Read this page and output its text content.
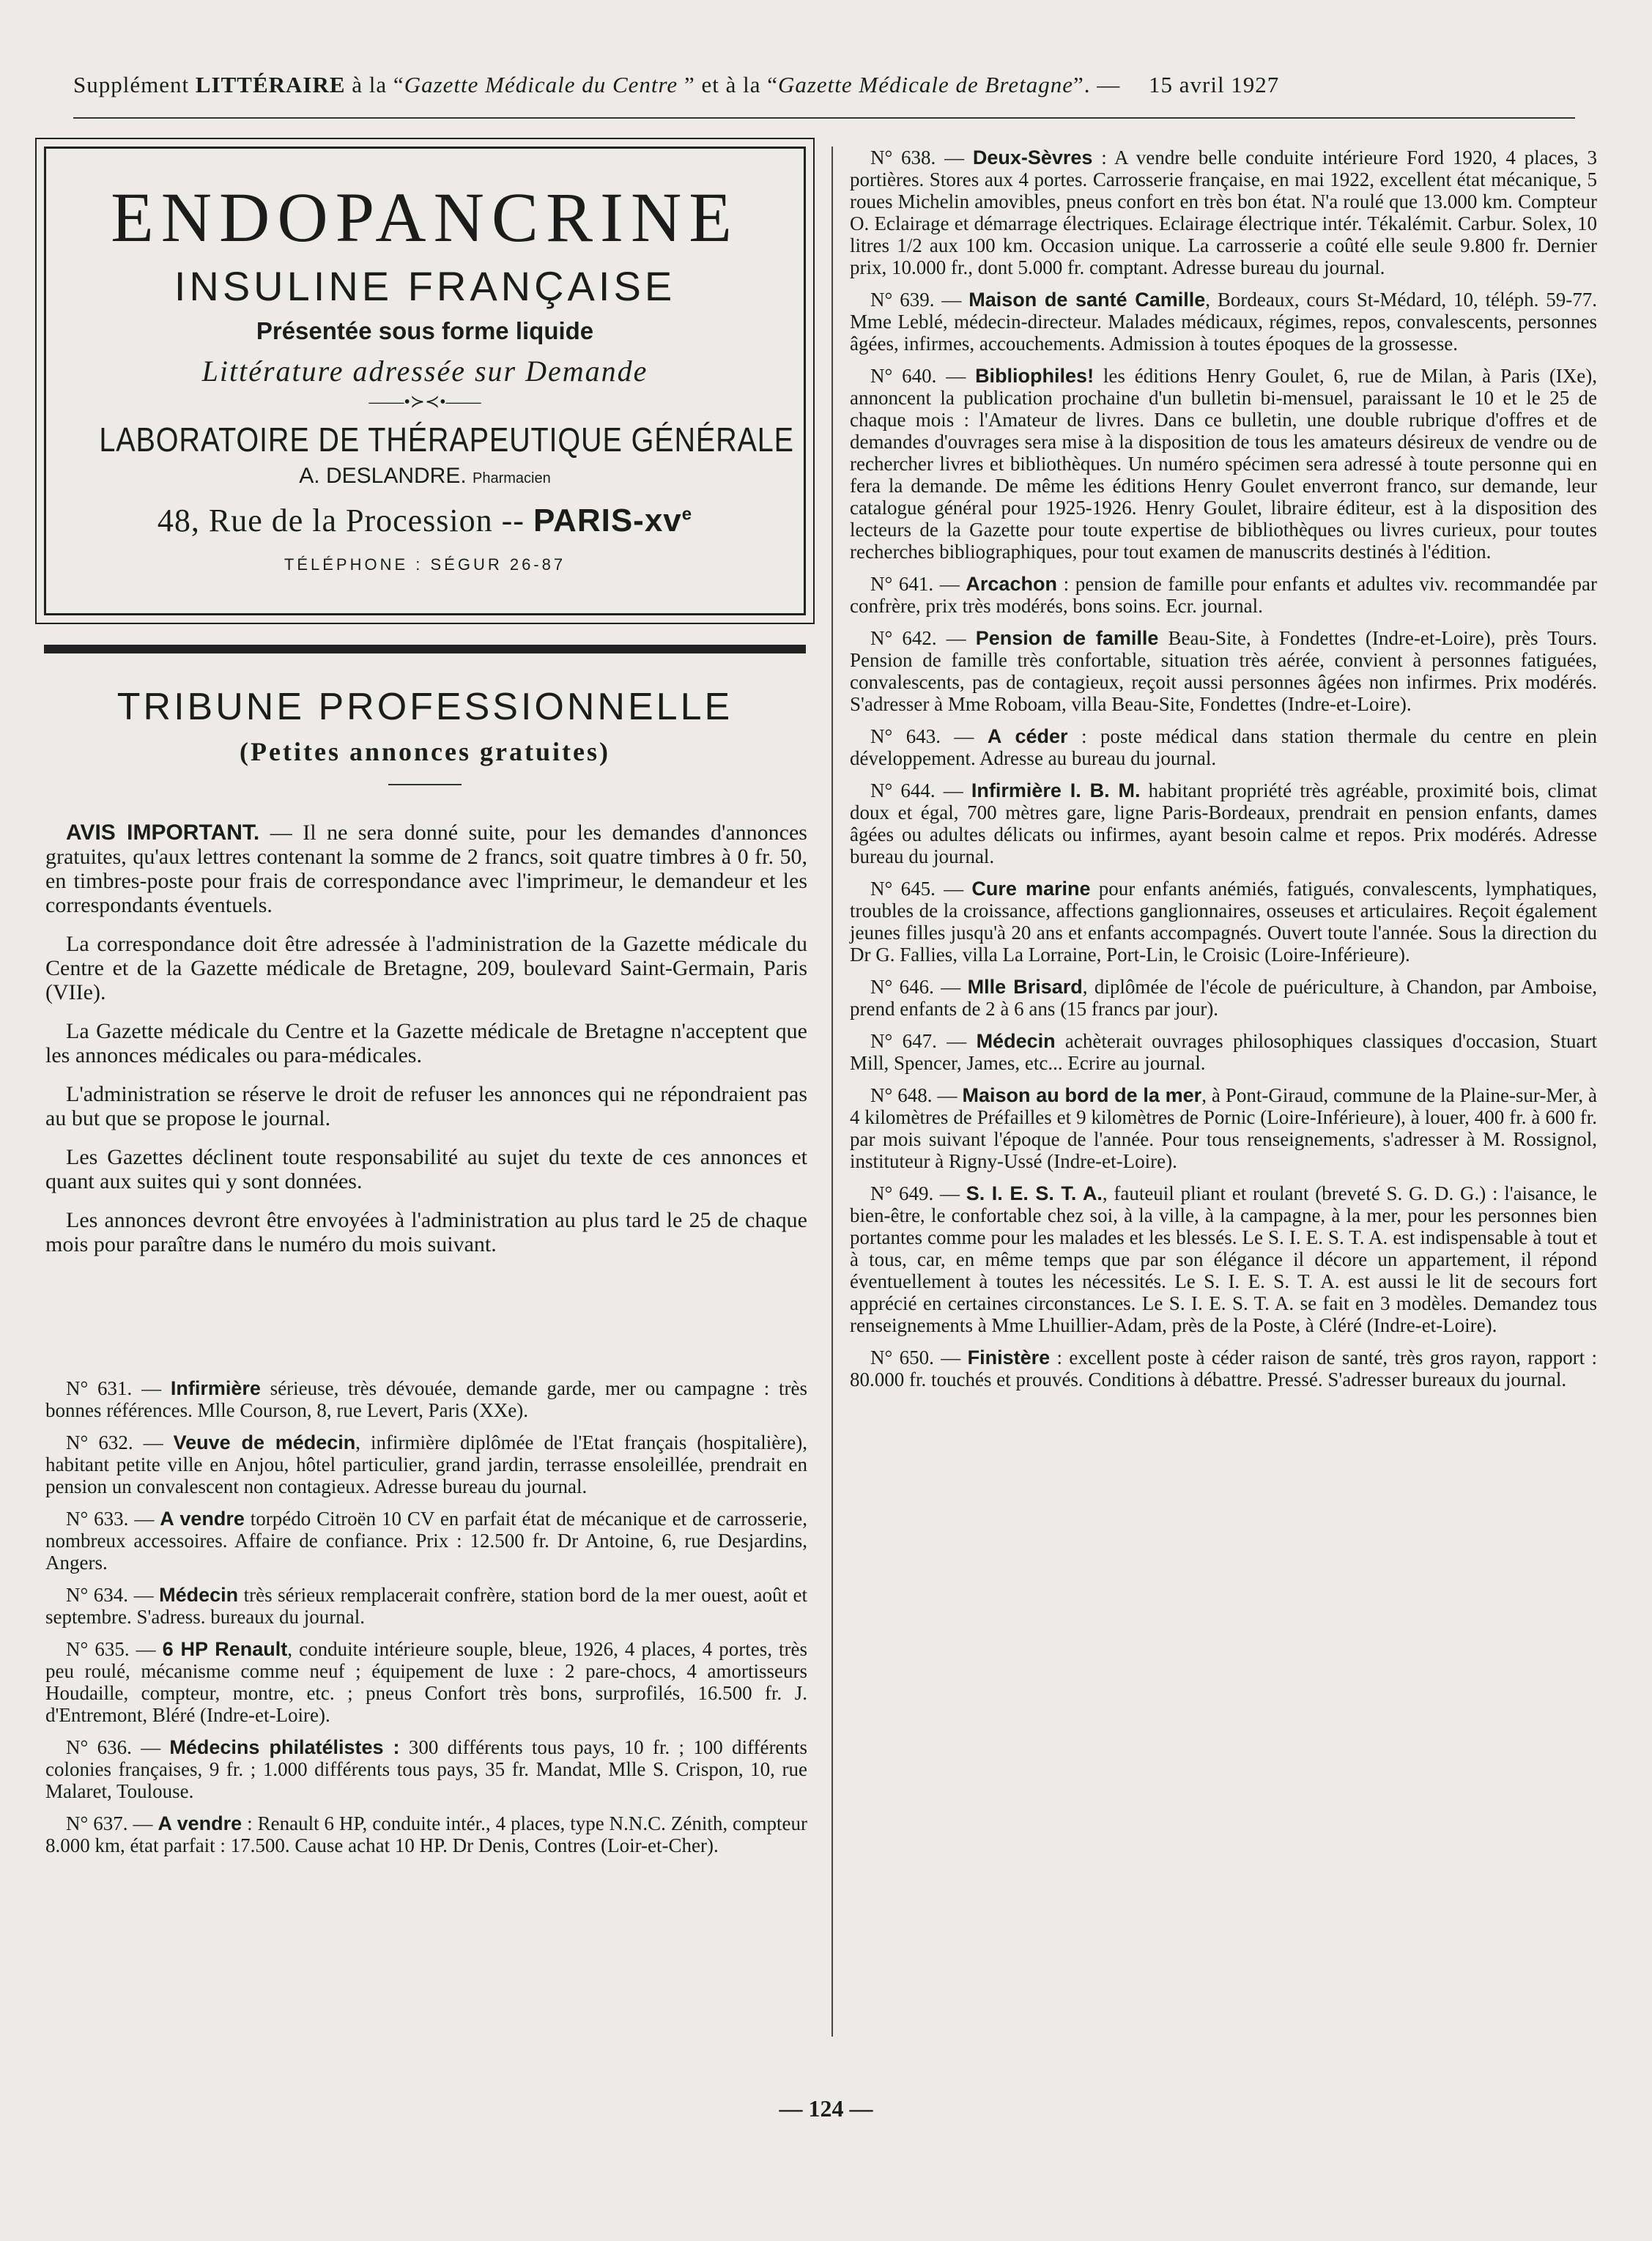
Supplément LITTÉRAIRE à la “Gazette Médicale du Centre ” et à la “Gazette Médicale de Bretagne”. — 15 avril 1927
ENDOPANCRINE
INSULINE FRANÇAISE
Présentée sous forme liquide
Littérature adressée sur Demande
——•≻≺•——
LABORATOIRE DE THÉRAPEUTIQUE GÉNÉRALE
A. DESLANDRE. Pharmacien
48, Rue de la Procession -- PARIS-$xv^e$
TÉLÉPHONE : SÉGUR 26-87
TRIBUNE PROFESSIONNELLE
(Petites annonces gratuites)

AVIS IMPORTANT. — Il ne sera donné suite, pour les demandes d'annonces gratuites, qu'aux lettres contenant la somme de 2 francs, soit quatre timbres à 0 fr. 50, en timbres-poste pour frais de correspondance avec l'imprimeur, le demandeur et les correspondants éventuels.

La correspondance doit être adressée à l'administration de la Gazette médicale du Centre et de la Gazette médicale de Bretagne, 209, boulevard Saint-Germain, Paris (VIIe).

La Gazette médicale du Centre et la Gazette médicale de Bretagne n'acceptent que les annonces médicales ou para-médicales.

L'administration se réserve le droit de refuser les annonces qui ne répondraient pas au but que se propose le journal.

Les Gazettes déclinent toute responsabilité au sujet du texte de ces annonces et quant aux suites qui y sont données.

Les annonces devront être envoyées à l'administration au plus tard le 25 de chaque mois pour paraître dans le numéro du mois suivant.

N° 631. — Infirmière sérieuse, très dévouée, demande garde, mer ou campagne : très bonnes références. Mlle Courson, 8, rue Levert, Paris (XXe).

N° 632. — Veuve de médecin, infirmière diplômée de l'Etat français (hospitalière), habitant petite ville en Anjou, hôtel particulier, grand jardin, terrasse ensoleillée, prendrait en pension un convalescent non contagieux. Adresse bureau du journal.

N° 633. — A vendre torpédo Citroën 10 CV en parfait état de mécanique et de carrosserie, nombreux accessoires. Affaire de confiance. Prix : 12.500 fr. Dr Antoine, 6, rue Desjardins, Angers.

N° 634. — Médecin très sérieux remplacerait confrère, station bord de la mer ouest, août et septembre. S'adress. bureaux du journal.

N° 635. — 6 HP Renault, conduite intérieure souple, bleue, 1926, 4 places, 4 portes, très peu roulé, mécanisme comme neuf ; équipement de luxe : 2 pare-chocs, 4 amortisseurs Houdaille, compteur, montre, etc. ; pneus Confort très bons, surprofilés, 16.500 fr. J. d'Entremont, Bléré (Indre-et-Loire).

N° 636. — Médecins philatélistes : 300 différents tous pays, 10 fr. ; 100 différents colonies françaises, 9 fr. ; 1.000 différents tous pays, 35 fr. Mandat, Mlle S. Crispon, 10, rue Malaret, Toulouse.

N° 637. — A vendre : Renault 6 HP, conduite intér., 4 places, type N.N.C. Zénith, compteur 8.000 km, état parfait : 17.500. Cause achat 10 HP. Dr Denis, Contres (Loir-et-Cher).

N° 638. — Deux-Sèvres : A vendre belle conduite intérieure Ford 1920, 4 places, 3 portières. Stores aux 4 portes. Carrosserie française, en mai 1922, excellent état mécanique, 5 roues Michelin amovibles, pneus confort en très bon état. N'a roulé que 13.000 km. Compteur O. Eclairage et démarrage électriques. Eclairage électrique intér. Tékalémit. Carbur. Solex, 10 litres 1/2 aux 100 km. Occasion unique. La carrosserie a coûté elle seule 9.800 fr. Dernier prix, 10.000 fr., dont 5.000 fr. comptant. Adresse bureau du journal.

N° 639. — Maison de santé Camille, Bordeaux, cours St-Médard, 10, téléph. 59-77. Mme Leblé, médecin-directeur. Malades médicaux, régimes, repos, convalescents, personnes âgées, infirmes, accouchements. Admission à toutes époques de la grossesse.

N° 640. — Bibliophiles! les éditions Henry Goulet, 6, rue de Milan, à Paris (IXe), annoncent la publication prochaine d'un bulletin bi-mensuel, paraissant le 10 et le 25 de chaque mois : l'Amateur de livres. Dans ce bulletin, une double rubrique d'offres et de demandes d'ouvrages sera mise à la disposition de tous les amateurs désireux de vendre ou de rechercher livres et bibliothèques. Un numéro spécimen sera adressé à toute personne qui en fera la demande. De même les éditions Henry Goulet enverront franco, sur demande, leur catalogue général pour 1925-1926. Henry Goulet, libraire éditeur, est à la disposition des lecteurs de la Gazette pour toute expertise de bibliothèques ou livres curieux, pour toutes recherches bibliographiques, pour tout examen de manuscrits destinés à l'édition.

N° 641. — Arcachon : pension de famille pour enfants et adultes viv. recommandée par confrère, prix très modérés, bons soins. Ecr. journal.

N° 642. — Pension de famille Beau-Site, à Fondettes (Indre-et-Loire), près Tours. Pension de famille très confortable, situation très aérée, convient à personnes fatiguées, convalescents, pas de contagieux, reçoit aussi personnes âgées non infirmes. Prix modérés. S'adresser à Mme Roboam, villa Beau-Site, Fondettes (Indre-et-Loire).

N° 643. — A céder : poste médical dans station thermale du centre en plein développement. Adresse au bureau du journal.

N° 644. — Infirmière I. B. M. habitant propriété très agréable, proximité bois, climat doux et égal, 700 mètres gare, ligne Paris-Bordeaux, prendrait en pension enfants, dames âgées ou adultes délicats ou infirmes, ayant besoin calme et repos. Prix modérés. Adresse bureau du journal.

N° 645. — Cure marine pour enfants anémiés, fatigués, convalescents, lymphatiques, troubles de la croissance, affections ganglionnaires, osseuses et articulaires. Reçoit également jeunes filles jusqu'à 20 ans et enfants accompagnés. Ouvert toute l'année. Sous la direction du Dr G. Fallies, villa La Lorraine, Port-Lin, le Croisic (Loire-Inférieure).

N° 646. — Mlle Brisard, diplômée de l'école de puériculture, à Chandon, par Amboise, prend enfants de 2 à 6 ans (15 francs par jour).

N° 647. — Médecin achèterait ouvrages philosophiques classiques d'occasion, Stuart Mill, Spencer, James, etc... Ecrire au journal.

N° 648. — Maison au bord de la mer, à Pont-Giraud, commune de la Plaine-sur-Mer, à 4 kilomètres de Préfailles et 9 kilomètres de Pornic (Loire-Inférieure), à louer, 400 fr. à 600 fr. par mois suivant l'époque de l'année. Pour tous renseignements, s'adresser à M. Rossignol, instituteur à Rigny-Ussé (Indre-et-Loire).

N° 649. — S. I. E. S. T. A., fauteuil pliant et roulant (breveté S. G. D. G.) : l'aisance, le bien-être, le confortable chez soi, à la ville, à la campagne, à la mer, pour les personnes bien portantes comme pour les malades et les blessés. Le S. I. E. S. T. A. est indispensable à tout et à tous, car, en même temps que par son élégance il décore un appartement, il répond éventuellement à toutes les nécessités. Le S. I. E. S. T. A. est aussi le lit de secours fort apprécié en certaines circonstances. Le S. I. E. S. T. A. se fait en 3 modèles. Demandez tous renseignements à Mme Lhuillier-Adam, près de la Poste, à Cléré (Indre-et-Loire).

N° 650. — Finistère : excellent poste à céder raison de santé, très gros rayon, rapport : 80.000 fr. touchés et prouvés. Conditions à débattre. Pressé. S'adresser bureaux du journal.

— 124 —
